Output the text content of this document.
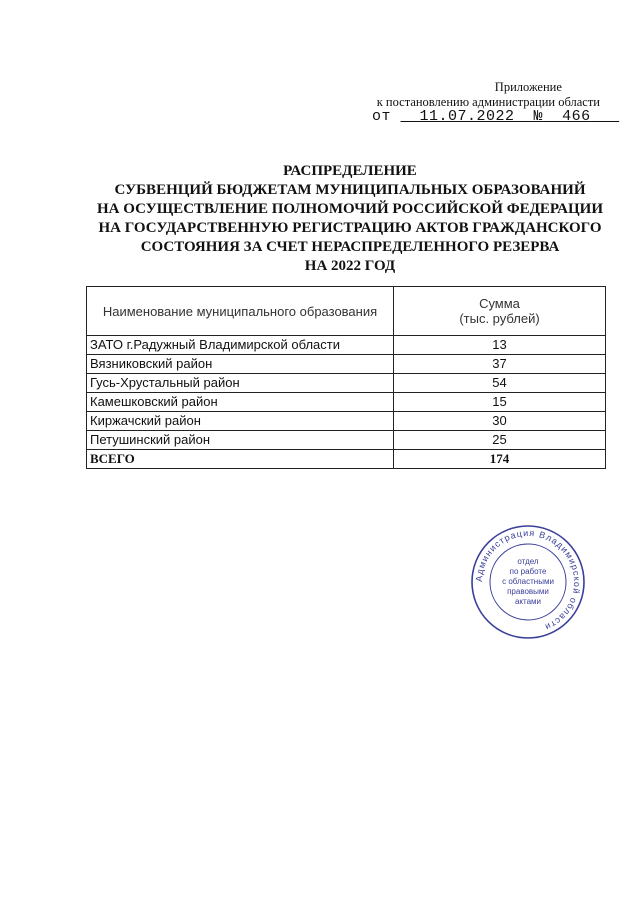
Приложение
к постановлению администрации области
от 11.07.2022 № 466
РАСПРЕДЕЛЕНИЕ
СУБВЕНЦИЙ БЮДЖЕТАМ МУНИЦИПАЛЬНЫХ ОБРАЗОВАНИЙ
НА ОСУЩЕСТВЛЕНИЕ ПОЛНОМОЧИЙ РОССИЙСКОЙ ФЕДЕРАЦИИ
НА ГОСУДАРСТВЕННУЮ РЕГИСТРАЦИЮ АКТОВ ГРАЖДАНСКОГО
СОСТОЯНИЯ ЗА СЧЕТ НЕРАСПРЕДЕЛЕННОГО РЕЗЕРВА
НА 2022 ГОД
Наименование муниципального образования	Сумма
(тыс. рублей)
ЗАТО г.Радужный Владимирской области	13
Вязниковский район	37
Гусь-Хрустальный район	54
Камешковский район	15
Киржачский район	30
Петушинский район	25
ВСЕГО	174
Администрация Владимирской области
отдел
по работе
с областными
правовыми
актами
